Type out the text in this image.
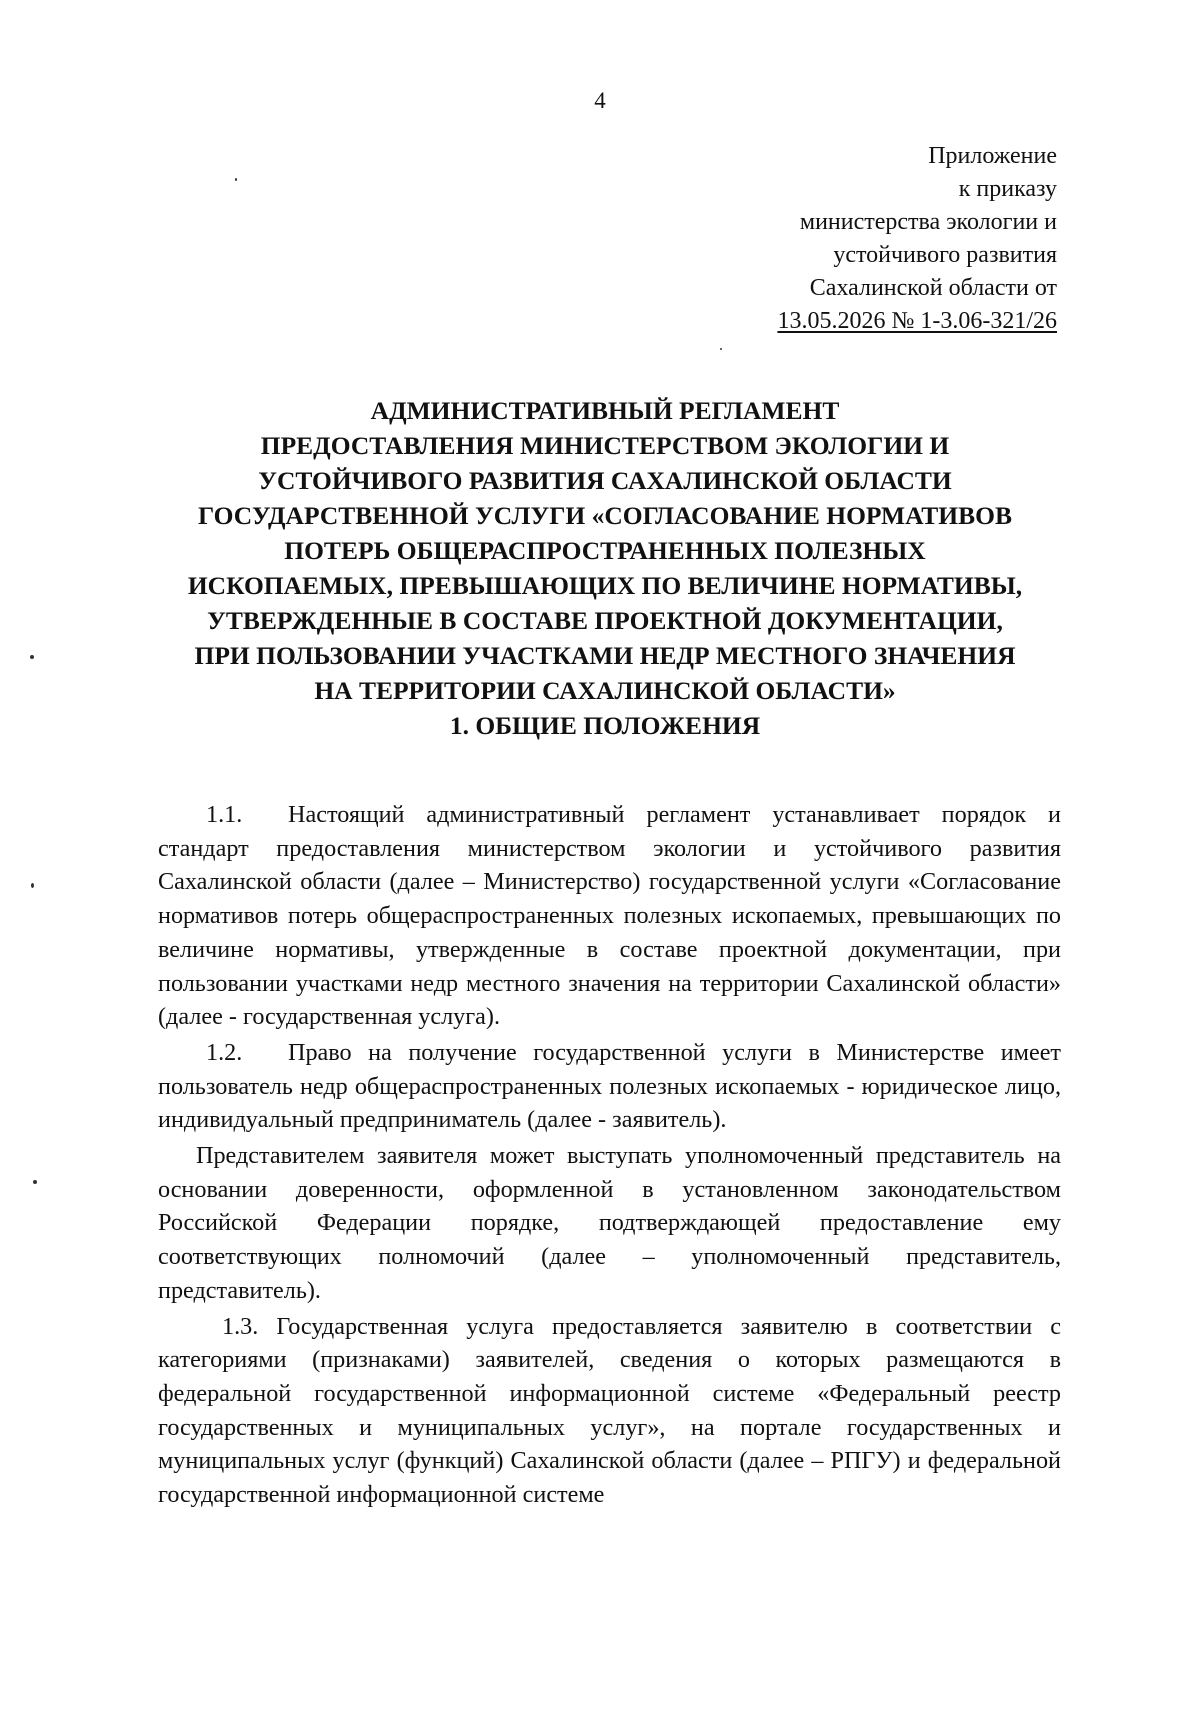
4
Приложение
к приказу
министерства экологии и
устойчивого развития
Сахалинской области от
13.05.2026 № 1-3.06-321/26
АДМИНИСТРАТИВНЫЙ РЕГЛАМЕНТ
ПРЕДОСТАВЛЕНИЯ МИНИСТЕРСТВОМ ЭКОЛОГИИ И
УСТОЙЧИВОГО РАЗВИТИЯ САХАЛИНСКОЙ ОБЛАСТИ
ГОСУДАРСТВЕННОЙ УСЛУГИ «СОГЛАСОВАНИЕ НОРМАТИВОВ
ПОТЕРЬ ОБЩЕРАСПРОСТРАНЕННЫХ ПОЛЕЗНЫХ
ИСКОПАЕМЫХ, ПРЕВЫШАЮЩИХ ПО ВЕЛИЧИНЕ НОРМАТИВЫ,
УТВЕРЖДЕННЫЕ В СОСТАВЕ ПРОЕКТНОЙ ДОКУМЕНТАЦИИ,
ПРИ ПОЛЬЗОВАНИИ УЧАСТКАМИ НЕДР МЕСТНОГО ЗНАЧЕНИЯ
НА ТЕРРИТОРИИ САХАЛИНСКОЙ ОБЛАСТИ»
1. ОБЩИЕ ПОЛОЖЕНИЯ

1.1. Настоящий административный регламент устанавливает порядок и стандарт предоставления министерством экологии и устойчивого развития Сахалинской области (далее – Министерство) государственной услуги «Согласование нормативов потерь общераспространенных полезных ископаемых, превышающих по величине нормативы, утвержденные в составе проектной документации, при пользовании участками недр местного значения на территории Сахалинской области» (далее - государственная услуга).

1.2. Право на получение государственной услуги в Министерстве имеет пользователь недр общераспространенных полезных ископаемых - юридическое лицо, индивидуальный предприниматель (далее - заявитель).

Представителем заявителя может выступать уполномоченный представитель на основании доверенности, оформленной в установленном законодательством Российской Федерации порядке, подтверждающей предоставление ему соответствующих полномочий (далее – уполномоченный представитель, представитель).

1.3. Государственная услуга предоставляется заявителю в соответствии с категориями (признаками) заявителей, сведения о которых размещаются в федеральной государственной информационной системе «Федеральный реестр государственных и муниципальных услуг», на портале государственных и муниципальных услуг (функций) Сахалинской области (далее – РПГУ) и федеральной государственной информационной системе
